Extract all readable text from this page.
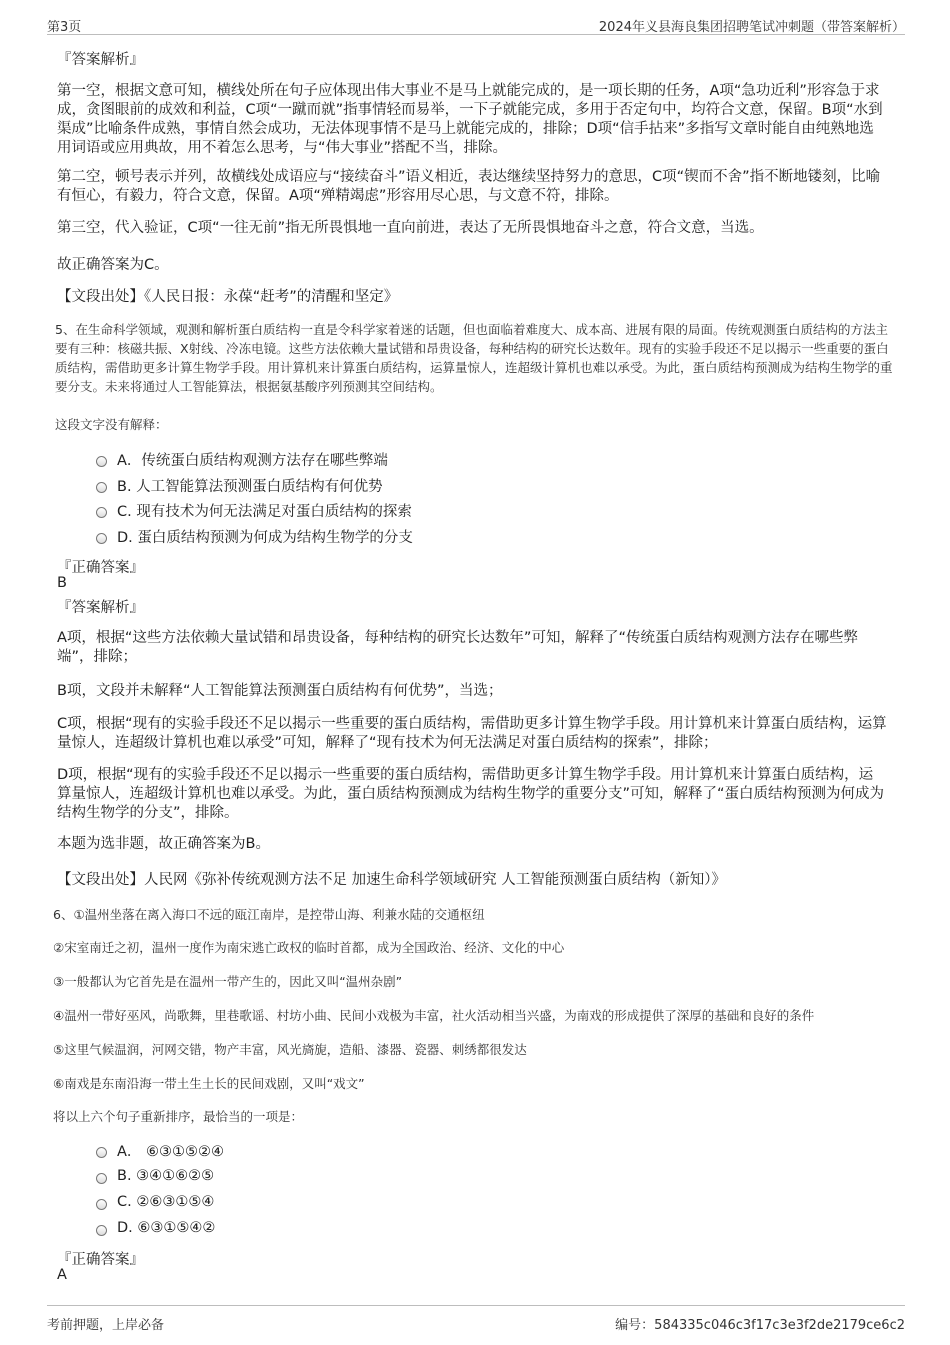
第3页	2024年义县海良集团招聘笔试冲刺题（带答案解析）
『答案解析』
第一空，根据文意可知，横线处所在句子应体现出伟大事业不是马上就能完成的，是一项长期的任务，A项“急功近利”形容急于求成，贪图眼前的成效和利益，C项“一蹴而就”指事情轻而易举，一下子就能完成，多用于否定句中，均符合文意，保留。B项“水到渠成”比喻条件成熟，事情自然会成功，无法体现事情不是马上就能完成的，排除；D项“信手拈来”多指写文章时能自由纯熟地选用词语或应用典故，用不着怎么思考，与“伟大事业”搭配不当，排除。
第二空，顿号表示并列，故横线处成语应与“接续奋斗”语义相近，表达继续坚持努力的意思，C项“锲而不舍”指不断地镂刻，比喻有恒心，有毅力，符合文意，保留。A项“殚精竭虑”形容用尽心思，与文意不符，排除。
第三空，代入验证，C项“一往无前”指无所畏惧地一直向前进，表达了无所畏惧地奋斗之意，符合文意，当选。
故正确答案为C。
【文段出处】《人民日报：永葆“赶考”的清醒和坚定》
5、在生命科学领域，观测和解析蛋白质结构一直是令科学家着迷的话题，但也面临着难度大、成本高、进展有限的局面。传统观测蛋白质结构的方法主要有三种：核磁共振、X射线、冷冻电镜。这些方法依赖大量试错和昂贵设备，每种结构的研究长达数年。现有的实验手段还不足以揭示一些重要的蛋白质结构，需借助更多计算生物学手段。用计算机来计算蛋白质结构，运算量惊人，连超级计算机也难以承受。为此，蛋白质结构预测成为结构生物学的重要分支。未来将通过人工智能算法，根据氨基酸序列预测其空间结构。
这段文字没有解释：
A．传统蛋白质结构观测方法存在哪些弊端
B. 人工智能算法预测蛋白质结构有何优势
C. 现有技术为何无法满足对蛋白质结构的探索
D. 蛋白质结构预测为何成为结构生物学的分支
『正确答案』
B
『答案解析』
A项，根据“这些方法依赖大量试错和昂贵设备，每种结构的研究长达数年”可知，解释了“传统蛋白质结构观测方法存在哪些弊端”，排除；
B项，文段并未解释“人工智能算法预测蛋白质结构有何优势”，当选；
C项，根据“现有的实验手段还不足以揭示一些重要的蛋白质结构，需借助更多计算生物学手段。用计算机来计算蛋白质结构，运算量惊人，连超级计算机也难以承受”可知，解释了“现有技术为何无法满足对蛋白质结构的探索”，排除；
D项，根据“现有的实验手段还不足以揭示一些重要的蛋白质结构，需借助更多计算生物学手段。用计算机来计算蛋白质结构，运算量惊人，连超级计算机也难以承受。为此，蛋白质结构预测成为结构生物学的重要分支”可知，解释了“蛋白质结构预测为何成为结构生物学的分支”，排除。
本题为选非题，故正确答案为B。
【文段出处】人民网《弥补传统观测方法不足 加速生命科学领域研究 人工智能预测蛋白质结构（新知）》
6、①温州坐落在离入海口不远的瓯江南岸，是控带山海、利兼水陆的交通枢纽
②宋室南迁之初，温州一度作为南宋逃亡政权的临时首都，成为全国政治、经济、文化的中心
③一般都认为它首先是在温州一带产生的，因此又叫“温州杂剧”
④温州一带好巫风，尚歌舞，里巷歌谣、村坊小曲、民间小戏极为丰富，社火活动相当兴盛，为南戏的形成提供了深厚的基础和良好的条件
⑤这里气候温润，河网交错，物产丰富，风光旖旎，造船、漆器、瓷器、刺绣都很发达
⑥南戏是东南沿海一带土生土长的民间戏剧，又叫“戏文”
将以上六个句子重新排序，最恰当的一项是：
A． ⑥③①⑤②④
B. ③④①⑥②⑤
C. ②⑥③①⑤④
D. ⑥③①⑤④②
『正确答案』
A
考前押题，上岸必备	编号：584335c046c3f17c3e3f2de2179ce6c2
